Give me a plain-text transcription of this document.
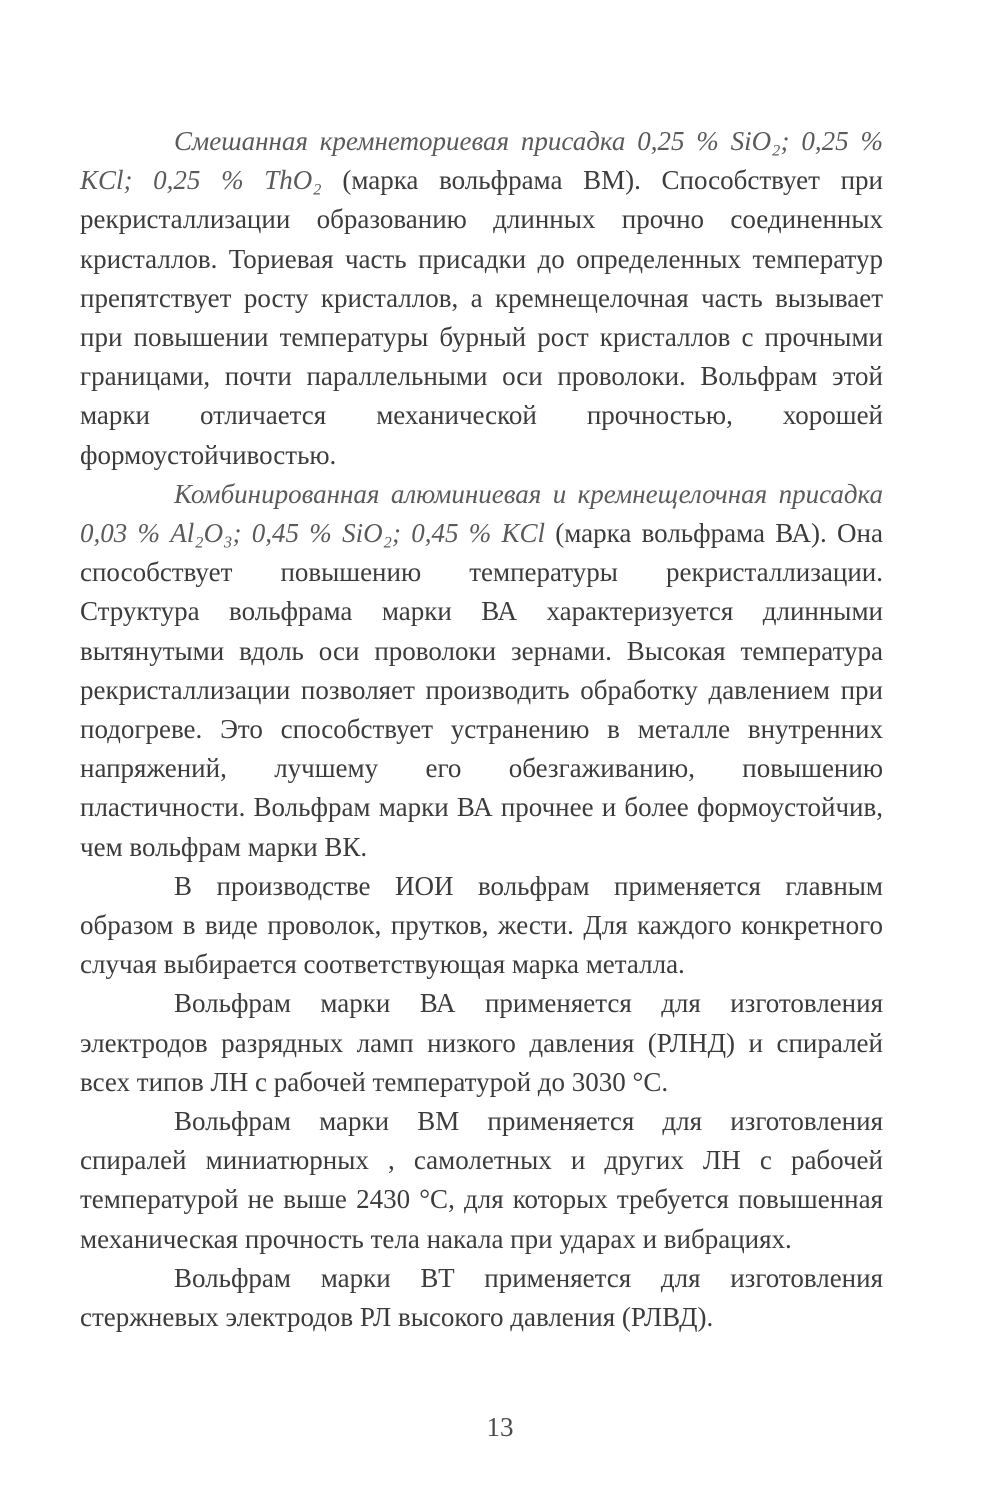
Смешанная кремнеториевая присадка 0,25 % SiO₂; 0,25 % KCl; 0,25 % ThO₂ (марка вольфрама ВМ). Способствует при рекристаллизации образованию длинных прочно соединенных кристаллов. Ториевая часть присадки до определенных температур препятствует росту кристаллов, а кремнещелочная часть вызывает при повышении температуры бурный рост кристаллов с прочными границами, почти параллельными оси проволоки. Вольфрам этой марки отличается механической прочностью, хорошей формоустойчивостью.

Комбинированная алюминиевая и кремнещелочная присадка 0,03 % Al₂O₃; 0,45 % SiO₂; 0,45 % KCl (марка вольфрама ВА). Она способствует повышению температуры рекристаллизации. Структура вольфрама марки ВА характеризуется длинными вытянутыми вдоль оси проволоки зернами. Высокая температура рекристаллизации позволяет производить обработку давлением при подогреве. Это способствует устранению в металле внутренних напряжений, лучшему его обезгаживанию, повышению пластичности. Вольфрам марки ВА прочнее и более формоустойчив, чем вольфрам марки ВК.

В производстве ИОИ вольфрам применяется главным образом в виде проволок, прутков, жести. Для каждого конкретного случая выбирается соответствующая марка металла.

Вольфрам марки ВА применяется для изготовления электродов разрядных ламп низкого давления (РЛНД) и спиралей всех типов ЛН с рабочей температурой до 3030 °С.

Вольфрам марки ВМ применяется для изготовления спиралей миниатюрных , самолетных и других ЛН с рабочей температурой не выше 2430 °С, для которых требуется повышенная механическая прочность тела накала при ударах и вибрациях.

Вольфрам марки ВТ применяется для изготовления стержневых электродов РЛ высокого давления (РЛВД).

13
